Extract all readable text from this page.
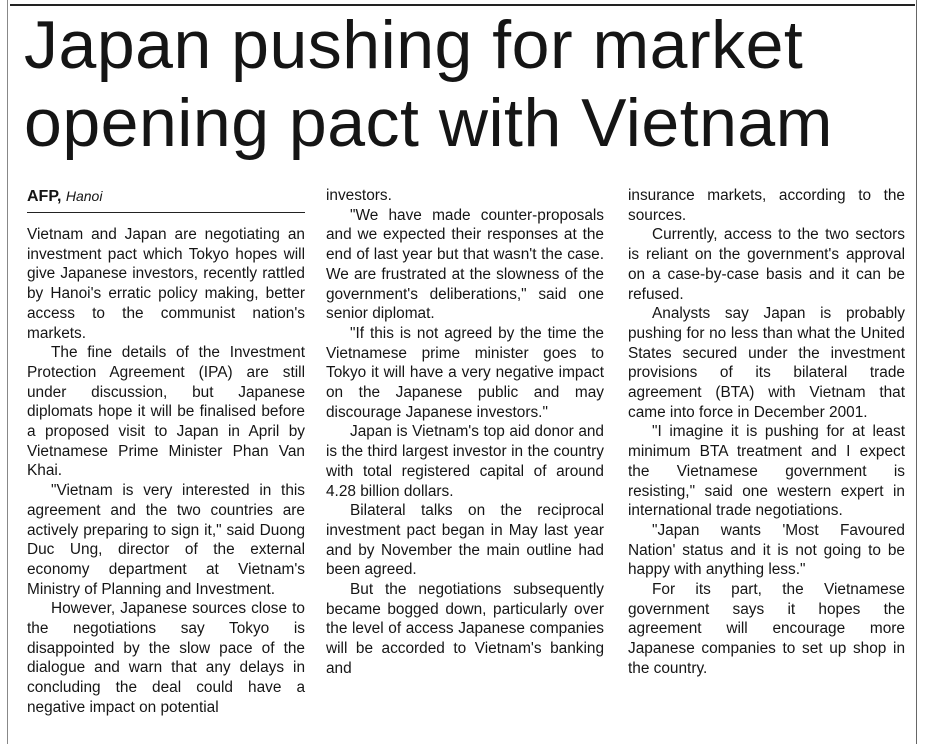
Japan pushing for market opening pact with Vietnam
AFP, Hanoi

Vietnam and Japan are negotiating an investment pact which Tokyo hopes will give Japanese investors, recently rattled by Hanoi's erratic policy making, better access to the communist nation's markets.

The fine details of the Investment Protection Agreement (IPA) are still under discussion, but Japanese diplomats hope it will be finalised before a proposed visit to Japan in April by Vietnamese Prime Minister Phan Van Khai.

"Vietnam is very interested in this agreement and the two countries are actively preparing to sign it," said Duong Duc Ung, director of the external economy department at Vietnam's Ministry of Planning and Investment.

However, Japanese sources close to the negotiations say Tokyo is disappointed by the slow pace of the dialogue and warn that any delays in concluding the deal could have a negative impact on potential

investors.

"We have made counter-proposals and we expected their responses at the end of last year but that wasn't the case. We are frustrated at the slowness of the government's deliberations," said one senior diplomat.

"If this is not agreed by the time the Vietnamese prime minister goes to Tokyo it will have a very negative impact on the Japanese public and may discourage Japanese investors."

Japan is Vietnam's top aid donor and is the third largest investor in the country with total registered capital of around 4.28 billion dollars.

Bilateral talks on the reciprocal investment pact began in May last year and by November the main outline had been agreed.

But the negotiations subsequently became bogged down, particularly over the level of access Japanese companies will be accorded to Vietnam's banking and

insurance markets, according to the sources.

Currently, access to the two sectors is reliant on the government's approval on a case-by-case basis and it can be refused.

Analysts say Japan is probably pushing for no less than what the United States secured under the investment provisions of its bilateral trade agreement (BTA) with Vietnam that came into force in December 2001.

"I imagine it is pushing for at least minimum BTA treatment and I expect the Vietnamese government is resisting," said one western expert in international trade negotiations.

"Japan wants 'Most Favoured Nation' status and it is not going to be happy with anything less."

For its part, the Vietnamese government says it hopes the agreement will encourage more Japanese companies to set up shop in the country.
